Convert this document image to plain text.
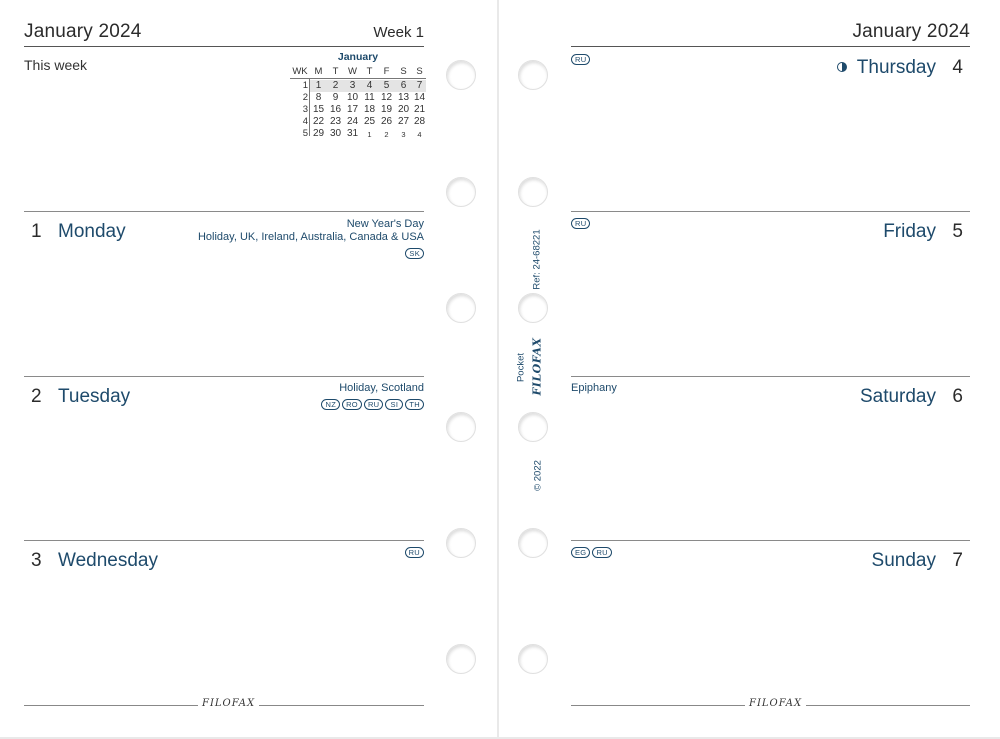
January 2024	Week 1
This week	January
WK M	T	W	T	F	S	S
1 1	2	3	4	5	6	7
2 8	9 10 11 12 13 14
3 15 16 17 18 19 20 21
4 22 23 24 25 26 27 28
5 29 30 31	1	2	3	4
1 Monday	New Year's Day
Holiday, UK, Ireland, Australia, Canada & USA
SK
2 Tuesday	Holiday, Scotland
NZ	RO	RU	SI	TH
3 Wednesday	RU
FILOFAX
Ref: 24-68221
Pocket FILOFAX
© 2022
January 2024
RU	Thursday 4
RU	Friday 5
Epiphany	Saturday 6
EG	RU	Sunday 7
FILOFAX
